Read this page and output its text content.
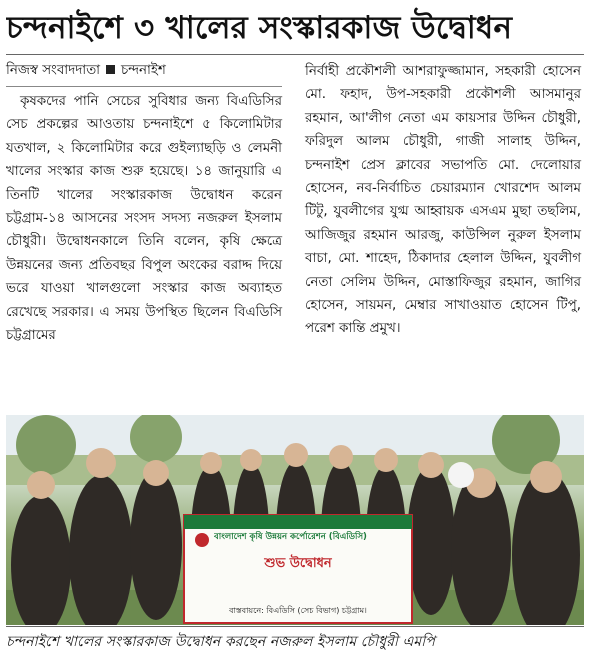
চন্দনাইশে ৩ খালের সংস্কারকাজ উদ্বোধন
নিজস্ব সংবাদদাতা চন্দনাইশ

কৃষকদের পানি সেচের সুবিধার জন্য বিএডিসির সেচ প্রকল্পের আওতায় চন্দনাইশে ৫ কিলোমিটার যতখাল, ২ কিলোমিটার করে গুইল্যাছড়ি ও লেমনী খালের সংস্কার কাজ শুরু হয়েছে। ১৪ জানুয়ারি এ তিনটি খালের সংস্কারকাজ উদ্বোধন করেন চট্টগ্রাম-১৪ আসনের সংসদ সদস্য নজরুল ইসলাম চৌধুরী। উদ্বোধনকালে তিনি বলেন, কৃষি ক্ষেত্রে উন্নয়নের জন্য প্রতিবছর বিপুল অংকের বরাদ্দ দিয়ে ভরে যাওয়া খালগুলো সংস্কার কাজ অব্যাহত রেখেছে সরকার। এ সময় উপস্থিত ছিলেন বিএডিসি চট্টগ্রামের

নির্বাহী প্রকৌশলী আশরাফুজ্জামান, সহকারী হোসেন মো. ফহাদ, উপ-সহকারী প্রকৌশলী আসমানুর রহমান, আ'লীগ নেতা এম কায়সার উদ্দিন চৌধুরী, ফরিদুল আলম চৌধুরী, গাজী সালাহ উদ্দিন, চন্দনাইশ প্রেস ক্লাবের সভাপতি মো. দেলোয়ার হোসেন, নব-নির্বাচিত চেয়ারম্যান খোরশেদ আলম টিটু, যুবলীগের যুগ্ম আহ্বায়ক এসএম মুছা তছলিম, আজিজুর রহমান আরজু, কাউন্সিল নুরুল ইসলাম বাচা, মো. শাহেদ, ঠিকাদার হেলাল উদ্দিন, যুবলীগ নেতা সেলিম উদ্দিন, মোস্তাফিজুর রহমান, জাগির হোসেন, সায়মন, মেম্বার সাখাওয়াত হোসেন টিপু, পরেশ কান্তি প্রমুখ।

বাংলাদেশ কৃষি উন্নয়ন কর্পোরেশন (বিএডিসি)
শুভ উদ্বোধন
বাস্তবায়নে: বিএডিসি (সেচ বিভাগ) চট্টগ্রাম।
চন্দনাইশে খালের সংস্কারকাজ উদ্বোধন করছেন নজরুল ইসলাম চৌধুরী এমপি
